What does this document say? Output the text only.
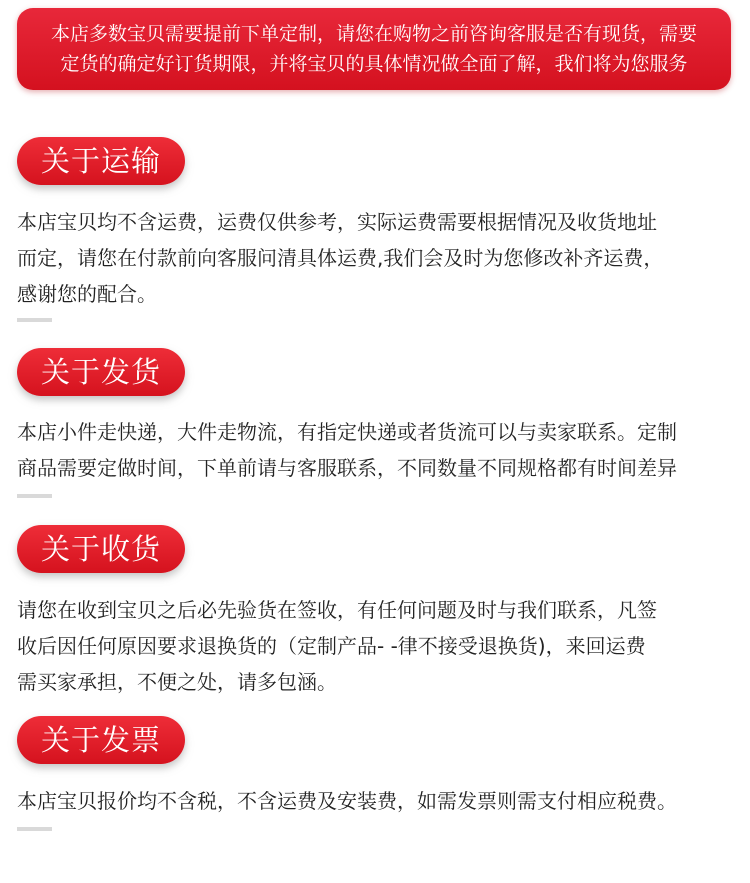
本店多数宝贝需要提前下单定制，请您在购物之前咨询客服是否有现货，需要
定货的确定好订货期限，并将宝贝的具体情况做全面了解，我们将为您服务
关于运输
本店宝贝均不含运费，运费仅供参考，实际运费需要根据情况及收货地址
而定，请您在付款前向客服问清具体运费,我们会及时为您修改补齐运费，
感谢您的配合。
关于发货
本店小件走快递，大件走物流，有指定快递或者货流可以与卖家联系。定制
商品需要定做时间，下单前请与客服联系，不同数量不同规格都有时间差异
关于收货
请您在收到宝贝之后必先验货在签收，有任何问题及时与我们联系，凡签
收后因任何原因要求退换货的（定制产品- -律不接受退换货)，来回运费
需买家承担，不便之处，请多包涵。
关于发票
本店宝贝报价均不含税，不含运费及安装费，如需发票则需支付相应税费。
